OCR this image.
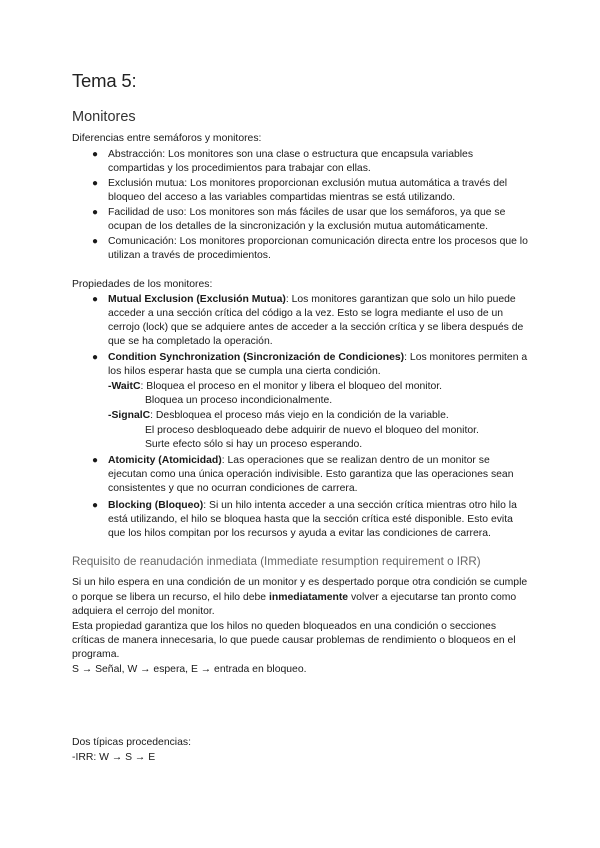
Tema 5:
Monitores
Diferencias entre semáforos y monitores:
● Abstracción: Los monitores son una clase o estructura que encapsula variables
compartidas y los procedimientos para trabajar con ellas.
● Exclusión mutua: Los monitores proporcionan exclusión mutua automática a través del
bloqueo del acceso a las variables compartidas mientras se está utilizando.
● Facilidad de uso: Los monitores son más fáciles de usar que los semáforos, ya que se
ocupan de los detalles de la sincronización y la exclusión mutua automáticamente.
● Comunicación: Los monitores proporcionan comunicación directa entre los procesos que lo
utilizan a través de procedimientos.
Propiedades de los monitores:
● Mutual Exclusion (Exclusión Mutua): Los monitores garantizan que solo un hilo puede
acceder a una sección crítica del código a la vez. Esto se logra mediante el uso de un
cerrojo (lock) que se adquiere antes de acceder a la sección crítica y se libera después de
que se ha completado la operación.
● Condition Synchronization (Sincronización de Condiciones): Los monitores permiten a
los hilos esperar hasta que se cumpla una cierta condición.
-WaitC: Bloquea el proceso en el monitor y libera el bloqueo del monitor.
Bloquea un proceso incondicionalmente.
-SignalC: Desbloquea el proceso más viejo en la condición de la variable.
El proceso desbloqueado debe adquirir de nuevo el bloqueo del monitor.
Surte efecto sólo si hay un proceso esperando.
● Atomicity (Atomicidad): Las operaciones que se realizan dentro de un monitor se
ejecutan como una única operación indivisible. Esto garantiza que las operaciones sean
consistentes y que no ocurran condiciones de carrera.
● Blocking (Bloqueo): Si un hilo intenta acceder a una sección crítica mientras otro hilo la
está utilizando, el hilo se bloquea hasta que la sección crítica esté disponible. Esto evita
que los hilos compitan por los recursos y ayuda a evitar las condiciones de carrera.
Requisito de reanudación inmediata (Immediate resumption requirement o IRR)
Si un hilo espera en una condición de un monitor y es despertado porque otra condición se cumple
o porque se libera un recurso, el hilo debe inmediatamente volver a ejecutarse tan pronto como
adquiera el cerrojo del monitor.
Esta propiedad garantiza que los hilos no queden bloqueados en una condición o secciones
críticas de manera innecesaria, lo que puede causar problemas de rendimiento o bloqueos en el
programa.
S → Señal, W → espera, E → entrada en bloqueo.
Dos típicas procedencias:
-IRR: W → S → E
